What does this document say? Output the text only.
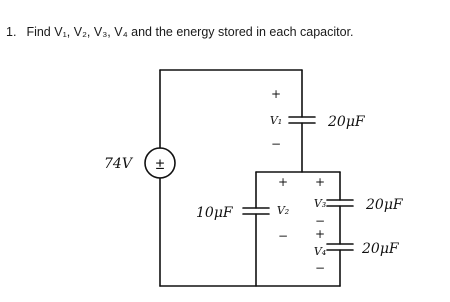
1. Find V₁, V₂, V₃, V₄ and the energy stored in each capacitor.
±
74V
+
V₁
−
20μF
+
V₂
−
10μF
+
V₃
−
20μF
+
V₄
−
20μF
